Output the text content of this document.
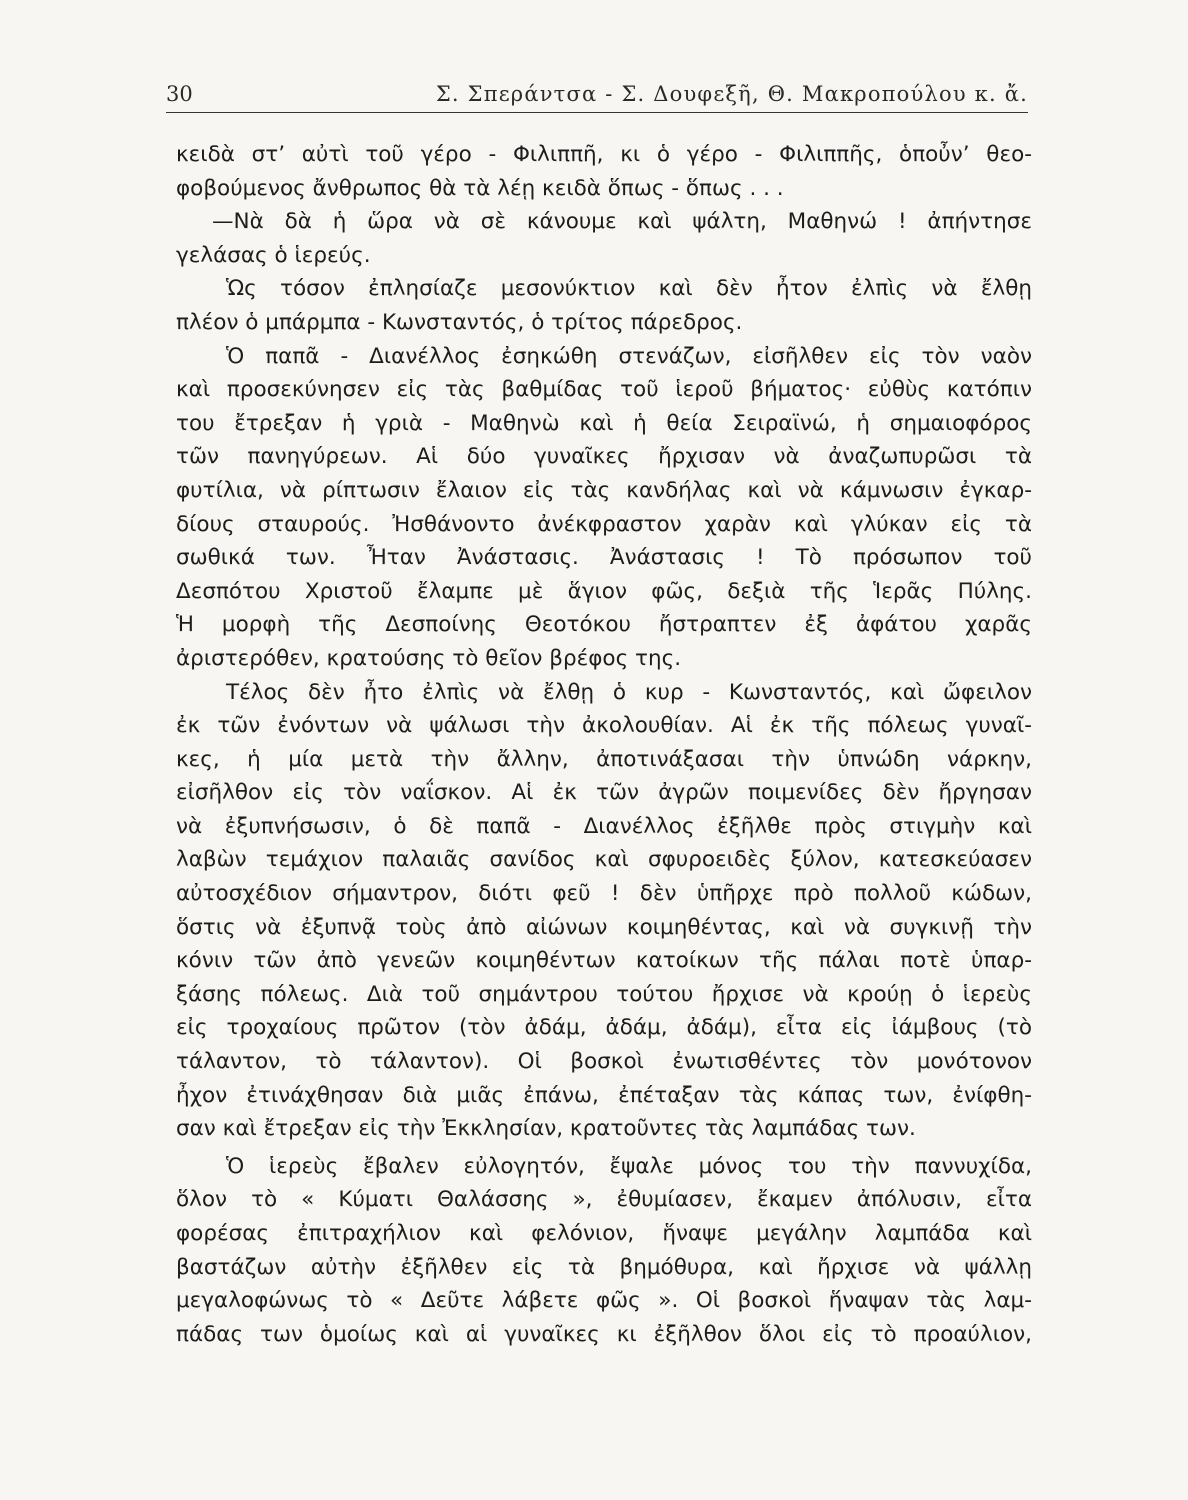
30	Σ. Σπεράντσα - Σ. Δουφεξῆ, Θ. Μακροπούλου κ. ἄ.
κειδὰ στ’ αὐτὶ τοῦ γέρο - Φιλιππῆ, κι ὁ γέρο - Φιλιππῆς, ὁπoὖν’ θεο-
φοβούμενος ἄνθρωπος θὰ τὰ λέῃ κειδὰ ὅπως - ὅπως . . .
—Νὰ δὰ ἡ ὥρα νὰ σὲ κάνουμε καὶ ψάλτη, Μαθηνώ ! ἀπήντησε
γελάσας ὁ ἱερεύς.
Ὡς τόσον ἐπλησίαζε μεσονύκτιον καὶ δὲν ἦτον ἐλπὶς νὰ ἔλθῃ
πλέον ὁ μπάρμπα - Κωνσταντός, ὁ τρίτος πάρεδρος.
Ὁ παπᾶ - Διανέλλος ἐσηκώθη στενάζων, εἰσῆλθεν εἰς τὸν ναὸν
καὶ προσεκύνησεν εἰς τὰς βαθμίδας τοῦ ἱεροῦ βήματος· εὐθὺς κατόπιν
του ἔτρεξαν ἡ γριὰ - Μαθηνὼ καὶ ἡ θεία Σειραϊνώ, ἡ σημαιοφόρος
τῶν πανηγύρεων. Αἱ δύο γυναῖκες ἤρχισαν νὰ ἀναζωπυρῶσι τὰ
φυτίλια, νὰ ρίπτωσιν ἔλαιον εἰς τὰς κανδήλας καὶ νὰ κάμνωσιν ἐγκαρ-
δίους σταυρούς. Ἠσθάνοντο ἀνέκφραστον χαρὰν καὶ γλύκαν εἰς τὰ
σωθικά των. Ἦταν Ἀνάστασις. Ἀνάστασις ! Τὸ πρόσωπον τοῦ
Δεσπότου Χριστοῦ ἔλαμπε μὲ ἅγιον φῶς, δεξιὰ τῆς Ἱερᾶς Πύλης.
Ἡ μορφὴ τῆς Δεσποίνης Θεοτόκου ἤστραπτεν ἐξ ἀφάτου χαρᾶς
ἀριστερόθεν, κρατούσης τὸ θεῖον βρέφος της.
Τέλος δὲν ἦτο ἐλπὶς νὰ ἔλθῃ ὁ κυρ - Κωνσταντός, καὶ ὤφειλον
ἐκ τῶν ἐνόντων νὰ ψάλωσι τὴν ἀκολουθίαν. Αἱ ἐκ τῆς πόλεως γυναῖ-
κες, ἡ μία μετὰ τὴν ἄλλην, ἀποτινάξασαι τὴν ὑπνώδη νάρκην,
εἰσῆλθον εἰς τὸν ναΐσκον. Αἱ ἐκ τῶν ἀγρῶν ποιμενίδες δὲν ἤργησαν
νὰ ἐξυπνήσωσιν, ὁ δὲ παπᾶ - Διανέλλος ἐξῆλθε πρὸς στιγμὴν καὶ
λαβὼν τεμάχιον παλαιᾶς σανίδος καὶ σφυροειδὲς ξύλον, κατεσκεύασεν
αὐτοσχέδιον σήμαντρον, διότι φεῦ ! δὲν ὑπῆρχε πρὸ πολλοῦ κώδων,
ὅστις νὰ ἐξυπνᾷ τοὺς ἀπὸ αἰώνων κοιμηθέντας, καὶ νὰ συγκινῇ τὴν
κόνιν τῶν ἀπὸ γενεῶν κοιμηθέντων κατοίκων τῆς πάλαι ποτὲ ὑπαρ-
ξάσης πόλεως. Διὰ τοῦ σημάντρου τούτου ἤρχισε νὰ κρούῃ ὁ ἱερεὺς
εἰς τροχαίους πρῶτον (τὸν ἀδάμ, ἀδάμ, ἀδάμ), εἶτα εἰς ἰάμβους (τὸ
τάλαντον, τὸ τάλαντον). Οἱ βοσκοὶ ἐνωτισθέντες τὸν μονότονον
ἦχον ἐτινάχθησαν διὰ μιᾶς ἐπάνω, ἐπέταξαν τὰς κάπας των, ἐνίφθη-
σαν καὶ ἔτρεξαν εἰς τὴν Ἐκκλησίαν, κρατοῦντες τὰς λαμπάδας των.
Ὁ ἱερεὺς ἔβαλεν εὐλογητόν, ἔψαλε μόνος του τὴν παννυχίδα,
ὅλον τὸ « Κύματι Θαλάσσης », ἐθυμίασεν, ἔκαμεν ἀπόλυσιν, εἶτα
φορέσας ἐπιτραχήλιον καὶ φελόνιον, ἥναψε μεγάλην λαμπάδα καὶ
βαστάζων αὐτὴν ἐξῆλθεν εἰς τὰ βημόθυρα, καὶ ἤρχισε νὰ ψάλλῃ
μεγαλοφώνως τὸ « Δεῦτε λάβετε φῶς ». Οἱ βοσκοὶ ἥναψαν τὰς λαμ-
πάδας των ὁμοίως καὶ αἱ γυναῖκες κι ἐξῆλθον ὅλοι εἰς τὸ προαύλιον,
